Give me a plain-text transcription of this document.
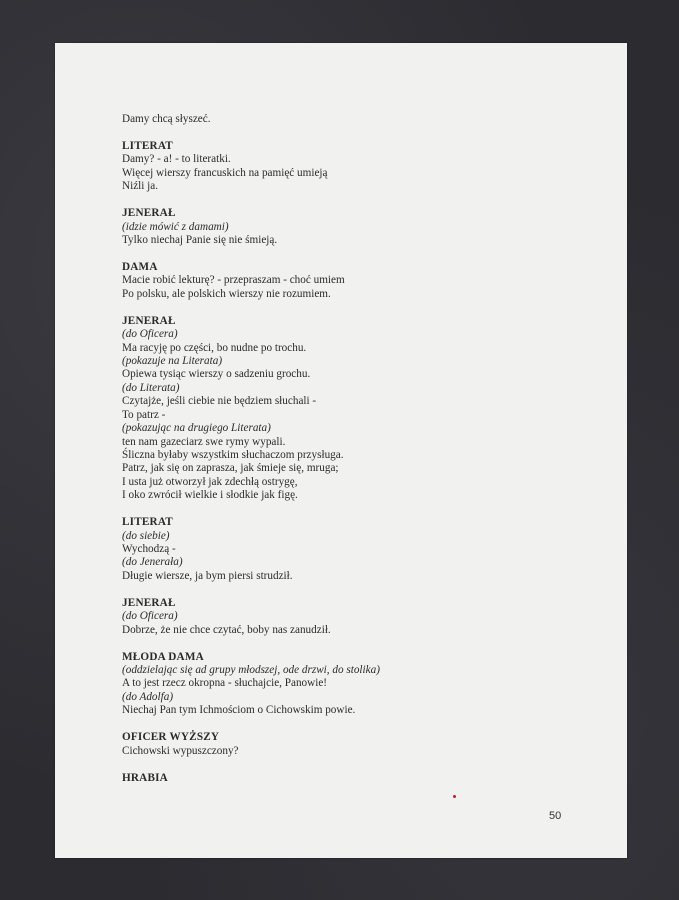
Damy chcą słyszeć.
LITERAT
Damy? - a! - to literatki.
Więcej wierszy francuskich na pamięć umieją
Niźli ja.
JENERAŁ
(idzie mówić z damami)
Tylko niechaj Panie się nie śmieją.
DAMA
Macie robić lekturę? - przepraszam - choć umiem
Po polsku, ale polskich wierszy nie rozumiem.
JENERAŁ
(do Oficera)
Ma racyję po części, bo nudne po trochu.
(pokazuje na Literata)
Opiewa tysiąc wierszy o sadzeniu grochu.
(do Literata)
Czytajże, jeśli ciebie nie będziem słuchali -
To patrz -
(pokazując na drugiego Literata)
ten nam gazeciarz swe rymy wypali.
Śliczna byłaby wszystkim słuchaczom przysługa.
Patrz, jak się on zaprasza, jak śmieje się, mruga;
I usta już otworzył jak zdechłą ostrygę,
I oko zwrócił wielkie i słodkie jak figę.
LITERAT
(do siebie)
Wychodzą -
(do Jenerała)
Długie wiersze, ja bym piersi strudził.
JENERAŁ
(do Oficera)
Dobrze, że nie chce czytać, boby nas zanudził.
MŁODA DAMA
(oddzielając się ad grupy młodszej, ode drzwi, do stolika)
A to jest rzecz okropna - słuchajcie, Panowie!
(do Adolfa)
Niechaj Pan tym Ichmościom o Cichowskim powie.
OFICER WYŻSZY
Cichowski wypuszczony?
HRABIA
50
